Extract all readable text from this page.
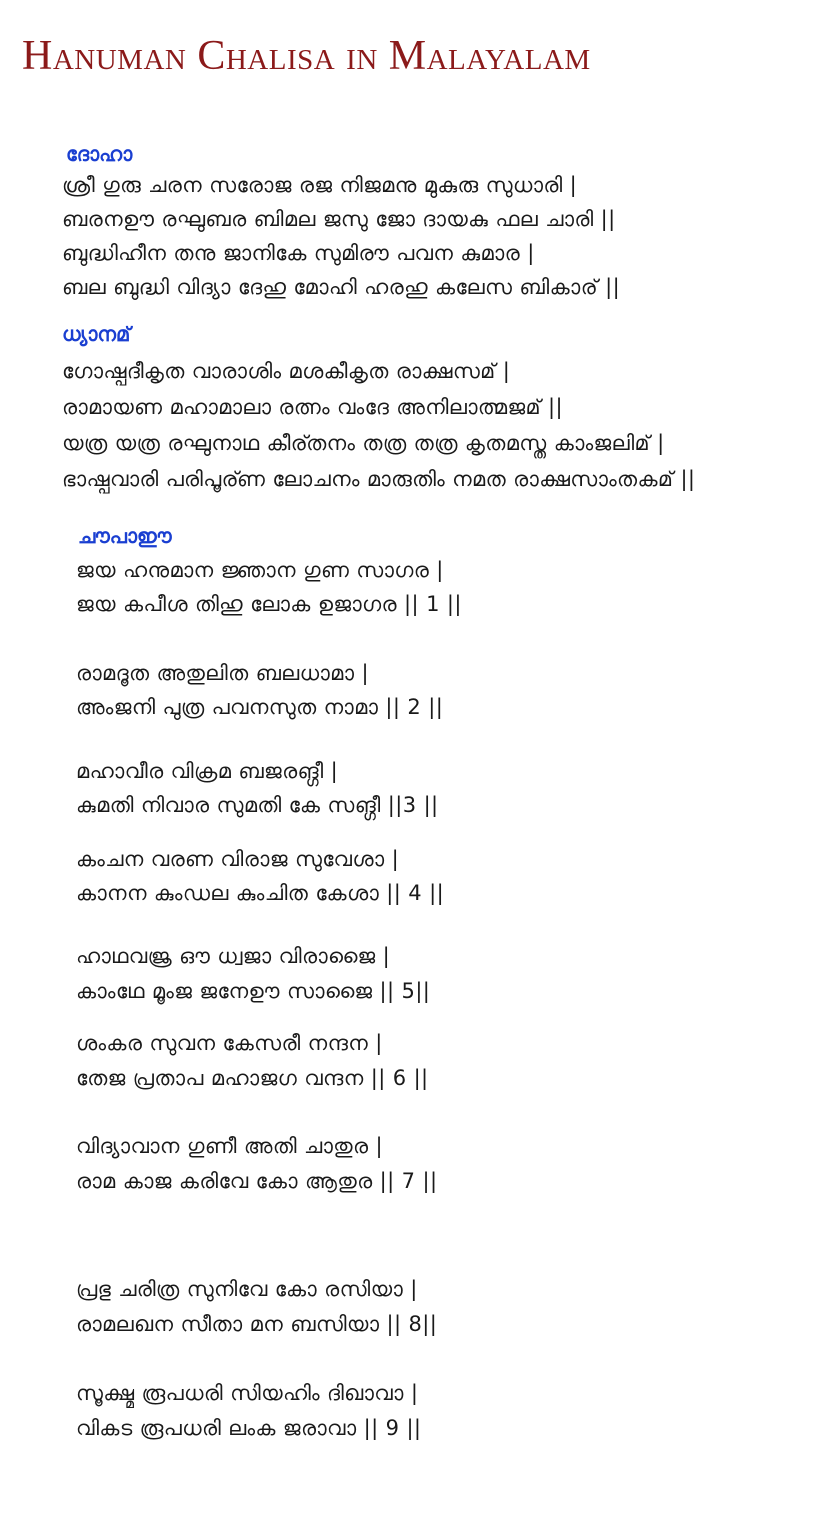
Hanuman Chalisa in Malayalam
ദോഹാ

ശ്രീ ഗുരു ചരന സരോജ രജ നിജമനു മുകുരു സുധാരി |

ബരനഊ രഘുബര ബിമല ജസു ജോ ദായകു ഫല ചാരി ||

ബുദ്ധിഹീന തനു ജാനികേ സുമിരൗ പവന കുമാര |

ബല ബുദ്ധി വിദ്യാ ദേഹു മോഹി ഹരഹു കലേസ ബികാര് ||

ധ്യാനമ്

ഗോഷ്പദീകൃത വാരാശിം മശകീകൃത രാക്ഷസമ് |

രാമായണ മഹാമാലാ രത്നം വംദേ അനിലാത്മജമ് ||

യത്ര യത്ര രഘുനാഥ കീര്തനം തത്ര തത്ര കൃതമസ്ത കാംജലിമ് |

ഭാഷ്പവാരി പരിപൂര്ണ ലോചനം മാരുതിം നമത രാക്ഷസാംതകമ് ||

ചൗപാഈ

ജയ ഹനുമാന ജ്ഞാന ഗുണ സാഗര |

ജയ കപീശ തിഹു ലോക ഉജാഗര || 1 ||

രാമദൂത അതുലിത ബലധാമാ |

അംജനി പുത്ര പവനസുത നാമാ || 2 ||

മഹാവീര വിക്രമ ബജരങ്ഗീ |

കുമതി നിവാര സുമതി കേ സങ്ഗീ ||3 ||

കംചന വരണ വിരാജ സുവേശാ |

കാനന കുംഡല കുംചിത കേശാ || 4 ||

ഹാഥവജ്ര ഔ ധ്വജാ വിരാജൈ |

കാംഥേ മൂംജ ജനേഊ സാജൈ || 5||

ശംകര സുവന കേസരീ നന്ദന |

തേജ പ്രതാപ മഹാജഗ വന്ദന || 6 ||

വിദ്യാവാന ഗുണീ അതി ചാതുര |

രാമ കാജ കരിവേ കോ ആതുര || 7 ||

പ്രഭു ചരിത്ര സുനിവേ കോ രസിയാ |

രാമലഖന സീതാ മന ബസിയാ || 8||

സൂക്ഷ്മ രൂപധരി സിയഹിം ദിഖാവാ |

വികട രൂപധരി ലംക ജരാവാ || 9 ||
